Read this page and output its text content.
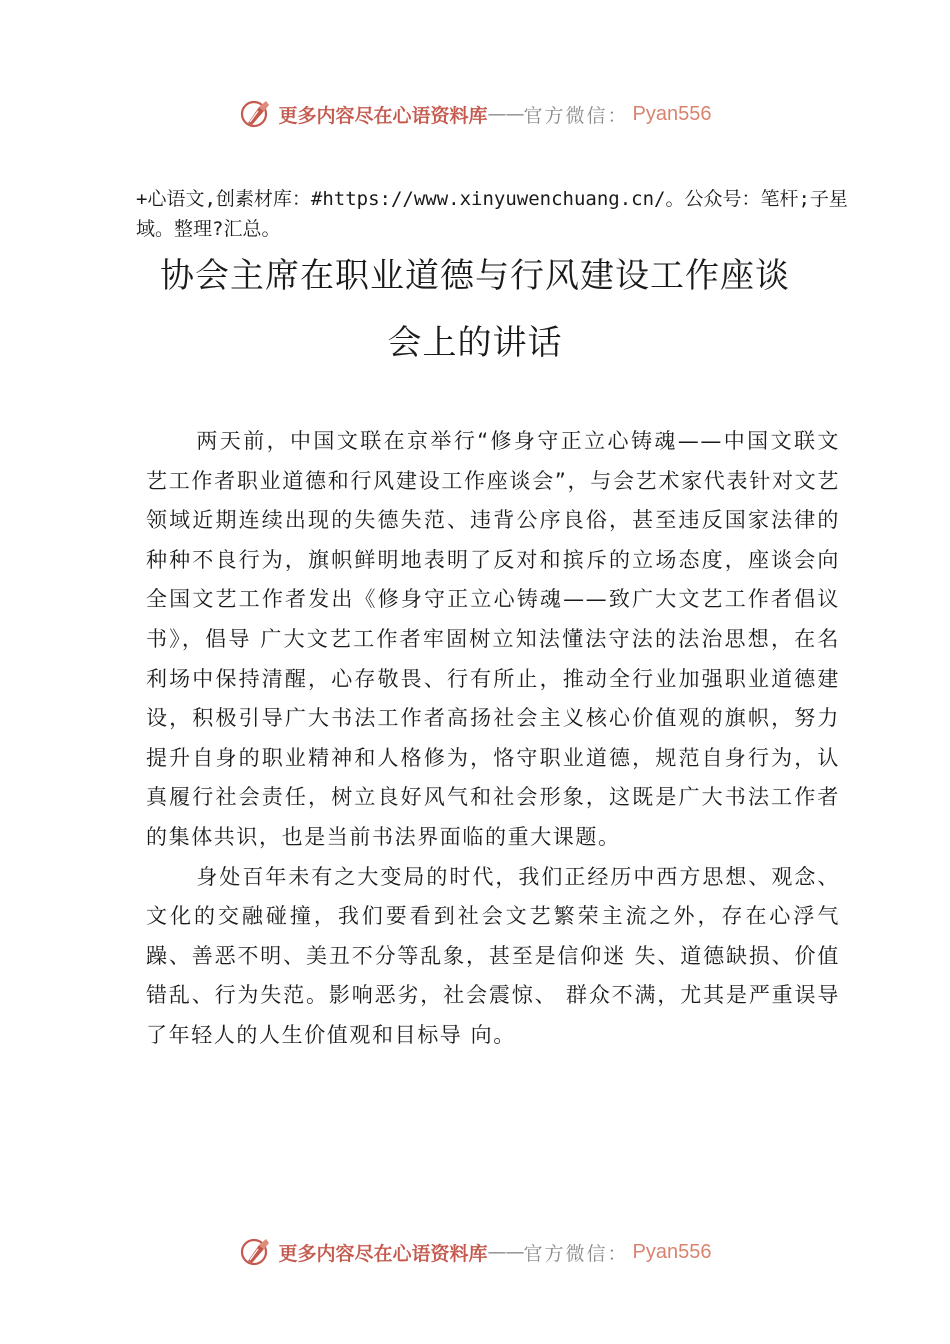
更多内容尽在心语资料库 —— 官方微信： Pyan556
+心语文,创素材库：#https://www.xinyuwenchuang.cn/。公众号：笔杆;子星域。整理?汇总。
协会主席在职业道德与行风建设工作座谈
会上的讲话

两天前，中国文联在京举行“修身守正立心铸魂——中国文联文艺工作者职业道德和行风建设工作座谈会”，与会艺术家代表针对文艺领域近期连续出现的失德失范、违背公序良俗，甚至违反国家法律的种种不良行为，旗帜鲜明地表明了反对和摈斥的立场态度，座谈会向全国文艺工作者发出《修身守正立心铸魂——致广大文艺工作者倡议书》，倡导 广大文艺工作者牢固树立知法懂法守法的法治思想，在名利场中保持清醒，心存敬畏、行有所止，推动全行业加强职业道德建设，积极引导广大书法工作者高扬社会主义核心价值观的旗帜，努力提升自身的职业精神和人格修为，恪守职业道德，规范自身行为，认真履行社会责任，树立良好风气和社会形象，这既是广大书法工作者的集体共识，也是当前书法界面临的重大课题。

身处百年未有之大变局的时代，我们正经历中西方思想、观念、文化的交融碰撞，我们要看到社会文艺繁荣主流之外，存在心浮气躁、善恶不明、美丑不分等乱象，甚至是信仰迷 失、道德缺损、价值错乱、行为失范。影响恶劣，社会震惊、 群众不满，尤其是严重误导了年轻人的人生价值观和目标导 向。

更多内容尽在心语资料库 —— 官方微信： Pyan556
